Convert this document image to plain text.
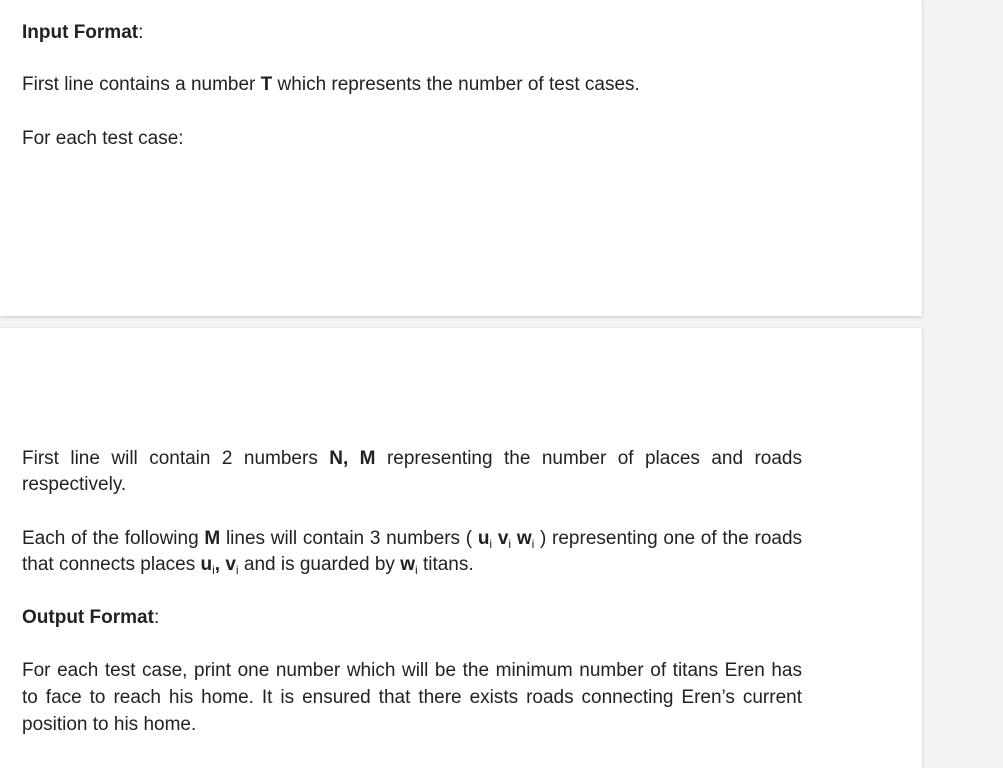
Input Format:
First line contains a number T which represents the number of test cases.
For each test case:
First line will contain 2 numbers N, M representing the number of places and roads respectively.
Each of the following M lines will contain 3 numbers ( $u_i$ $v_i$ $w_i$ ) representing one of the roads that connects places $u_i$, $v_i$ and is guarded by $w_i$ titans.
Output Format:
For each test case, print one number which will be the minimum number of titans Eren has to face to reach his home. It is ensured that there exists roads connecting Eren’s current position to his home.
